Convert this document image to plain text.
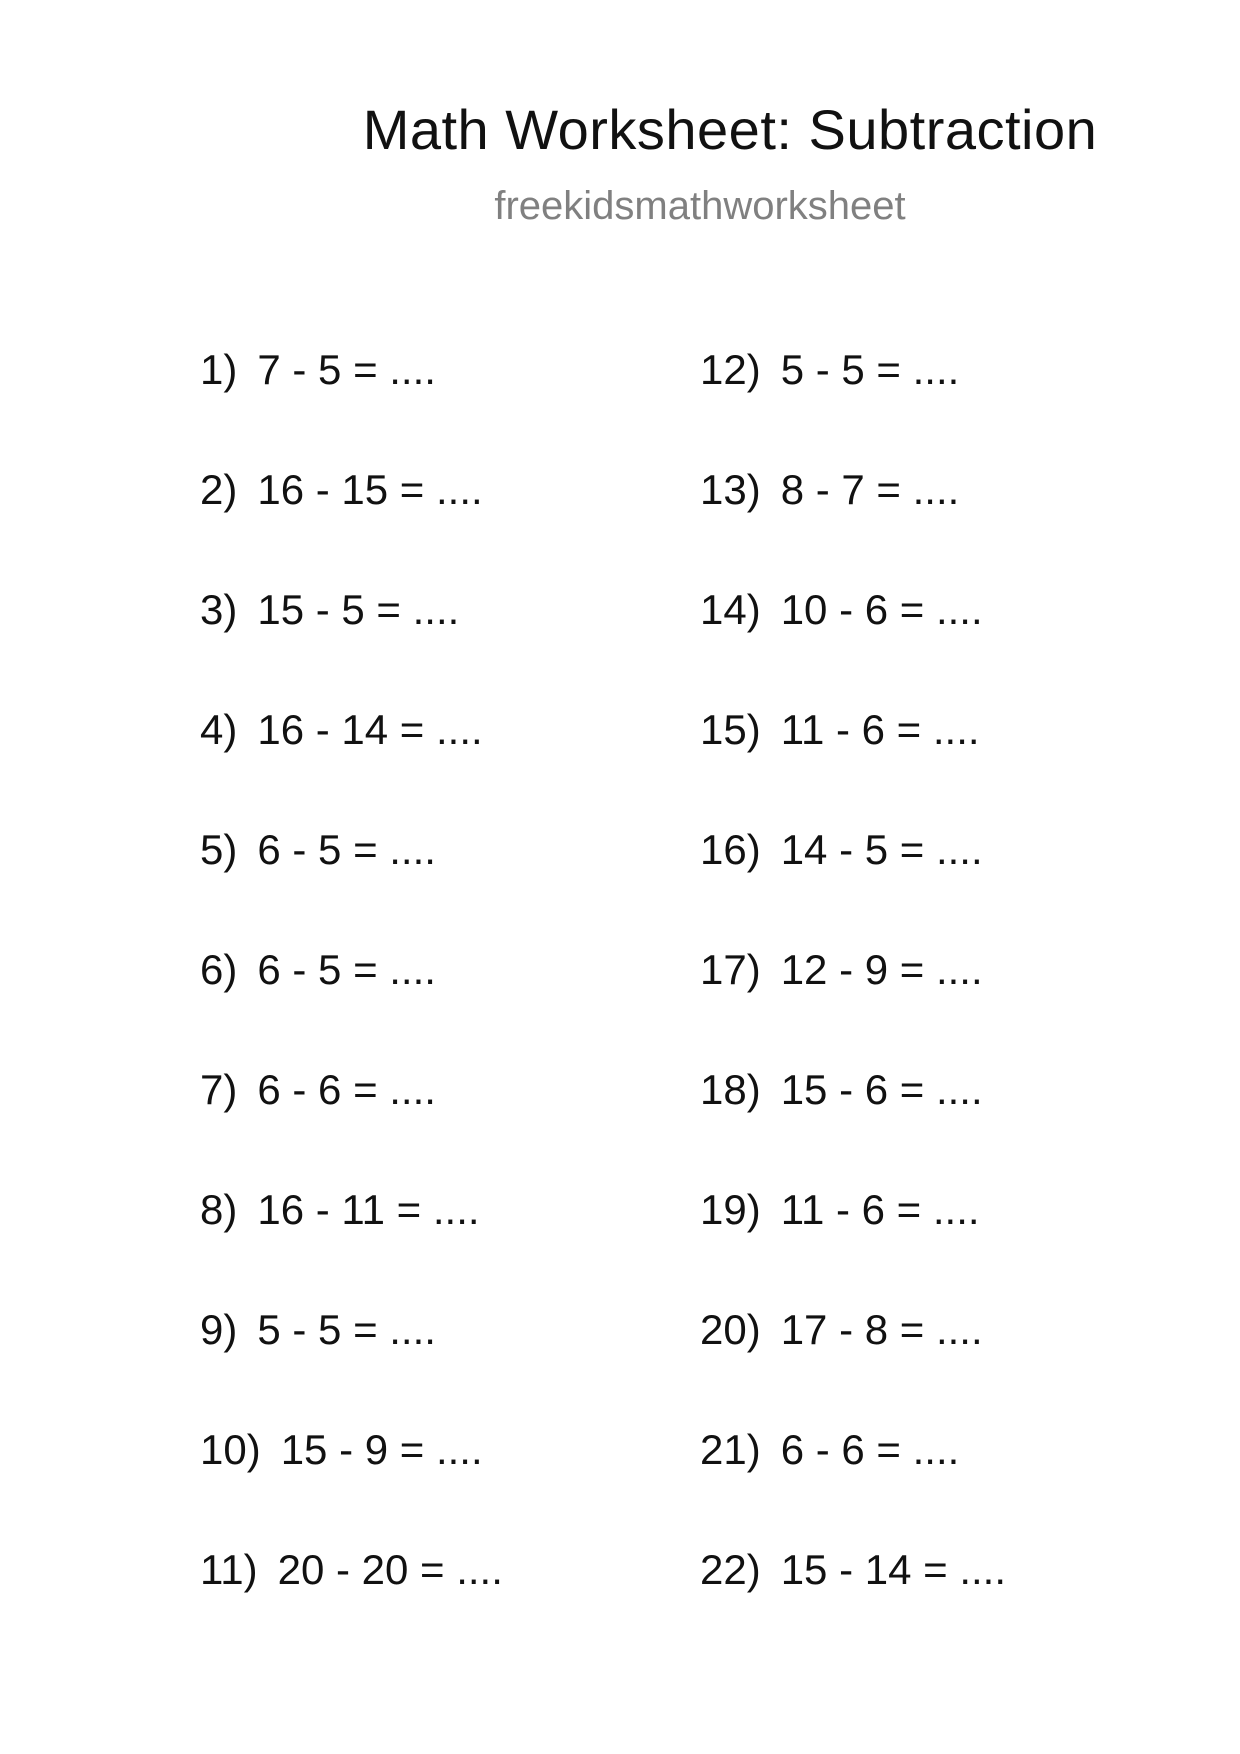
Math Worksheet: Subtraction
freekidsmathworksheet
1) 7 - 5 = ....
2) 16 - 15 = ....
3) 15 - 5 = ....
4) 16 - 14 = ....
5) 6 - 5 = ....
6) 6 - 5 = ....
7) 6 - 6 = ....
8) 16 - 11 = ....
9) 5 - 5 = ....
10) 15 - 9 = ....
11) 20 - 20 = ....
12) 5 - 5 = ....
13) 8 - 7 = ....
14) 10 - 6 = ....
15) 11 - 6 = ....
16) 14 - 5 = ....
17) 12 - 9 = ....
18) 15 - 6 = ....
19) 11 - 6 = ....
20) 17 - 8 = ....
21) 6 - 6 = ....
22) 15 - 14 = ....
